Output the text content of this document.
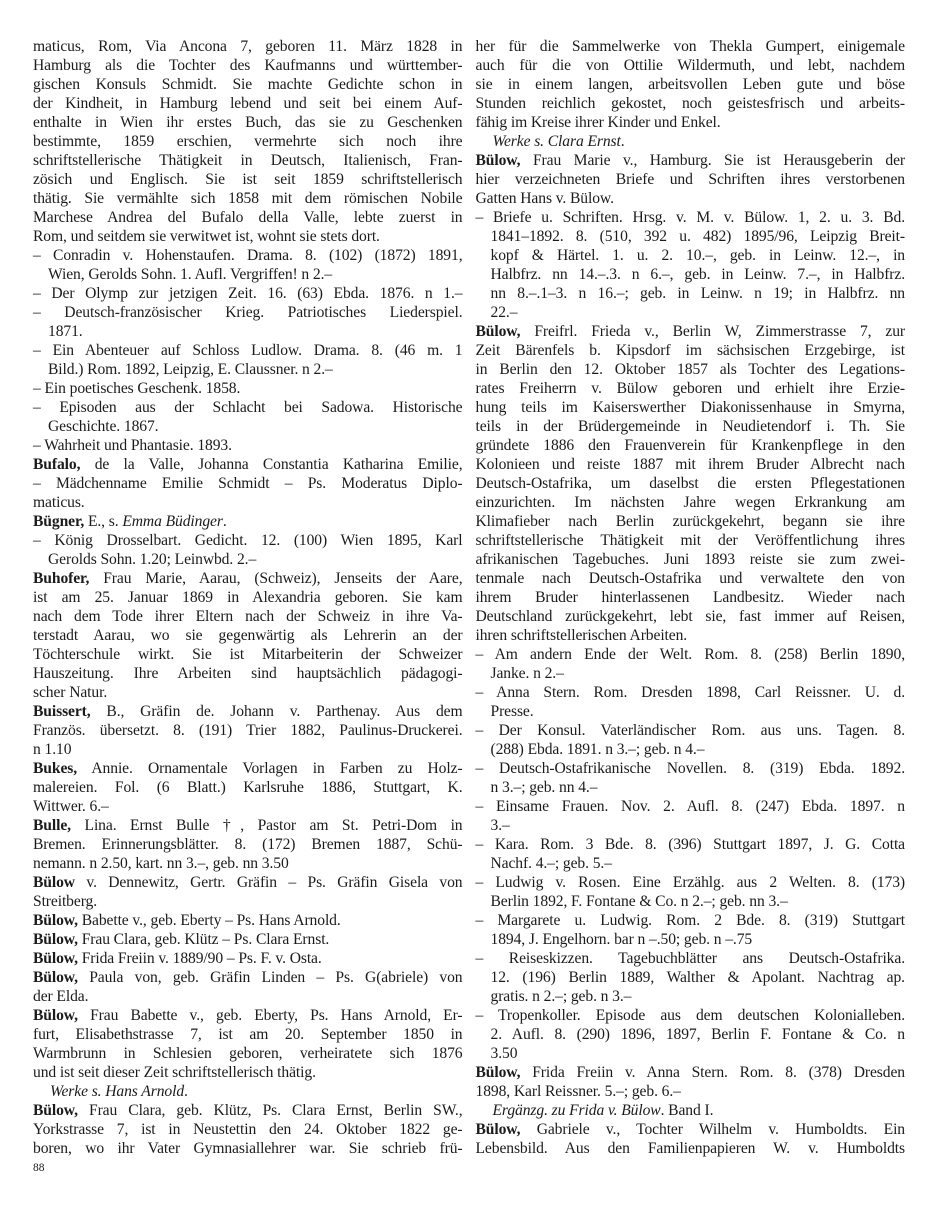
maticus, Rom, Via Ancona 7, geboren 11. März 1828 in
Hamburg als die Tochter des Kaufmanns und württember-
gischen Konsuls Schmidt. Sie machte Gedichte schon in
der Kindheit, in Hamburg lebend und seit bei einem Auf-
enthalte in Wien ihr erstes Buch, das sie zu Geschenken
bestimmte, 1859 erschien, vermehrte sich noch ihre
schriftstellerische Thätigkeit in Deutsch, Italienisch, Fran-
zösich und Englisch. Sie ist seit 1859 schriftstellerisch
thätig. Sie vermählte sich 1858 mit dem römischen Nobile
Marchese Andrea del Bufalo della Valle, lebte zuerst in
Rom, und seitdem sie verwitwet ist, wohnt sie stets dort.
– Conradin v. Hohenstaufen. Drama. 8. (102) (1872) 1891,
Wien, Gerolds Sohn. 1. Aufl. Vergriffen! n 2.–
– Der Olymp zur jetzigen Zeit. 16. (63) Ebda. 1876. n 1.–
– Deutsch-französischer Krieg. Patriotisches Liederspiel.
1871.
– Ein Abenteuer auf Schloss Ludlow. Drama. 8. (46 m. 1
Bild.) Rom. 1892, Leipzig, E. Claussner. n 2.–
– Ein poetisches Geschenk. 1858.
– Episoden aus der Schlacht bei Sadowa. Historische
Geschichte. 1867.
– Wahrheit und Phantasie. 1893.
Bufalo, de la Valle, Johanna Constantia Katharina Emilie,
– Mädchenname Emilie Schmidt – Ps. Moderatus Diplo-
maticus.
Bügner, E., s. Emma Büdinger.
– König Drosselbart. Gedicht. 12. (100) Wien 1895, Karl
Gerolds Sohn. 1.20; Leinwbd. 2.–
Buhofer, Frau Marie, Aarau, (Schweiz), Jenseits der Aare,
ist am 25. Januar 1869 in Alexandria geboren. Sie kam
nach dem Tode ihrer Eltern nach der Schweiz in ihre Va-
terstadt Aarau, wo sie gegenwärtig als Lehrerin an der
Töchterschule wirkt. Sie ist Mitarbeiterin der Schweizer
Hauszeitung. Ihre Arbeiten sind hauptsächlich pädagogi-
scher Natur.
Buissert, B., Gräfin de. Johann v. Parthenay. Aus dem
Französ. übersetzt. 8. (191) Trier 1882, Paulinus-Druckerei.
n 1.10
Bukes, Annie. Ornamentale Vorlagen in Farben zu Holz-
malereien. Fol. (6 Blatt.) Karlsruhe 1886, Stuttgart, K.
Wittwer. 6.–
Bulle, Lina. Ernst Bulle †, Pastor am St. Petri-Dom in
Bremen. Erinnerungsblätter. 8. (172) Bremen 1887, Schü-
nemann. n 2.50, kart. nn 3.–, geb. nn 3.50
Bülow v. Dennewitz, Gertr. Gräfin – Ps. Gräfin Gisela von
Streitberg.
Bülow, Babette v., geb. Eberty – Ps. Hans Arnold.
Bülow, Frau Clara, geb. Klütz – Ps. Clara Ernst.
Bülow, Frida Freiin v. 1889/90 – Ps. F. v. Osta.
Bülow, Paula von, geb. Gräfin Linden – Ps. G(abriele) von
der Elda.
Bülow, Frau Babette v., geb. Eberty, Ps. Hans Arnold, Er-
furt, Elisabethstrasse 7, ist am 20. September 1850 in
Warmbrunn in Schlesien geboren, verheiratete sich 1876
und ist seit dieser Zeit schriftstellerisch thätig.
Werke s. Hans Arnold.
Bülow, Frau Clara, geb. Klütz, Ps. Clara Ernst, Berlin SW.,
Yorkstrasse 7, ist in Neustettin den 24. Oktober 1822 ge-
boren, wo ihr Vater Gymnasiallehrer war. Sie schrieb frü-
her für die Sammelwerke von Thekla Gumpert, einigemale
auch für die von Ottilie Wildermuth, und lebt, nachdem
sie in einem langen, arbeitsvollen Leben gute und böse
Stunden reichlich gekostet, noch geistesfrisch und arbeits-
fähig im Kreise ihrer Kinder und Enkel.
Werke s. Clara Ernst.
Bülow, Frau Marie v., Hamburg. Sie ist Herausgeberin der
hier verzeichneten Briefe und Schriften ihres verstorbenen
Gatten Hans v. Bülow.
– Briefe u. Schriften. Hrsg. v. M. v. Bülow. 1, 2. u. 3. Bd.
1841–1892. 8. (510, 392 u. 482) 1895/96, Leipzig Breit-
kopf & Härtel. 1. u. 2. 10.–, geb. in Leinw. 12.–, in
Halbfrz. nn 14.–.3. n 6.–, geb. in Leinw. 7.–, in Halbfrz.
nn 8.–.1–3. n 16.–; geb. in Leinw. n 19; in Halbfrz. nn
22.–
Bülow, Freifrl. Frieda v., Berlin W, Zimmerstrasse 7, zur
Zeit Bärenfels b. Kipsdorf im sächsischen Erzgebirge, ist
in Berlin den 12. Oktober 1857 als Tochter des Legations-
rates Freiherrn v. Bülow geboren und erhielt ihre Erzie-
hung teils im Kaiserswerther Diakonissenhause in Smyrna,
teils in der Brüdergemeinde in Neudietendorf i. Th. Sie
gründete 1886 den Frauenverein für Krankenpflege in den
Kolonieen und reiste 1887 mit ihrem Bruder Albrecht nach
Deutsch-Ostafrika, um daselbst die ersten Pflegestationen
einzurichten. Im nächsten Jahre wegen Erkrankung am
Klimafieber nach Berlin zurückgekehrt, begann sie ihre
schriftstellerische Thätigkeit mit der Veröffentlichung ihres
afrikanischen Tagebuches. Juni 1893 reiste sie zum zwei-
tenmale nach Deutsch-Ostafrika und verwaltete den von
ihrem Bruder hinterlassenen Landbesitz. Wieder nach
Deutschland zurückgekehrt, lebt sie, fast immer auf Reisen,
ihren schriftstellerischen Arbeiten.
– Am andern Ende der Welt. Rom. 8. (258) Berlin 1890,
Janke. n 2.–
– Anna Stern. Rom. Dresden 1898, Carl Reissner. U. d.
Presse.
– Der Konsul. Vaterländischer Rom. aus uns. Tagen. 8.
(288) Ebda. 1891. n 3.–; geb. n 4.–
– Deutsch-Ostafrikanische Novellen. 8. (319) Ebda. 1892.
n 3.–; geb. nn 4.–
– Einsame Frauen. Nov. 2. Aufl. 8. (247) Ebda. 1897. n
3.–
– Kara. Rom. 3 Bde. 8. (396) Stuttgart 1897, J. G. Cotta
Nachf. 4.–; geb. 5.–
– Ludwig v. Rosen. Eine Erzählg. aus 2 Welten. 8. (173)
Berlin 1892, F. Fontane & Co. n 2.–; geb. nn 3.–
– Margarete u. Ludwig. Rom. 2 Bde. 8. (319) Stuttgart
1894, J. Engelhorn. bar n –.50; geb. n –.75
– Reiseskizzen. Tagebuchblätter ans Deutsch-Ostafrika.
12. (196) Berlin 1889, Walther & Apolant. Nachtrag ap.
gratis. n 2.–; geb. n 3.–
– Tropenkoller. Episode aus dem deutschen Kolonialleben.
2. Aufl. 8. (290) 1896, 1897, Berlin F. Fontane & Co. n
3.50
Bülow, Frida Freiin v. Anna Stern. Rom. 8. (378) Dresden
1898, Karl Reissner. 5.–; geb. 6.–
Ergänzg. zu Frida v. Bülow. Band I.
Bülow, Gabriele v., Tochter Wilhelm v. Humboldts. Ein
Lebensbild. Aus den Familienpapieren W. v. Humboldts
88
